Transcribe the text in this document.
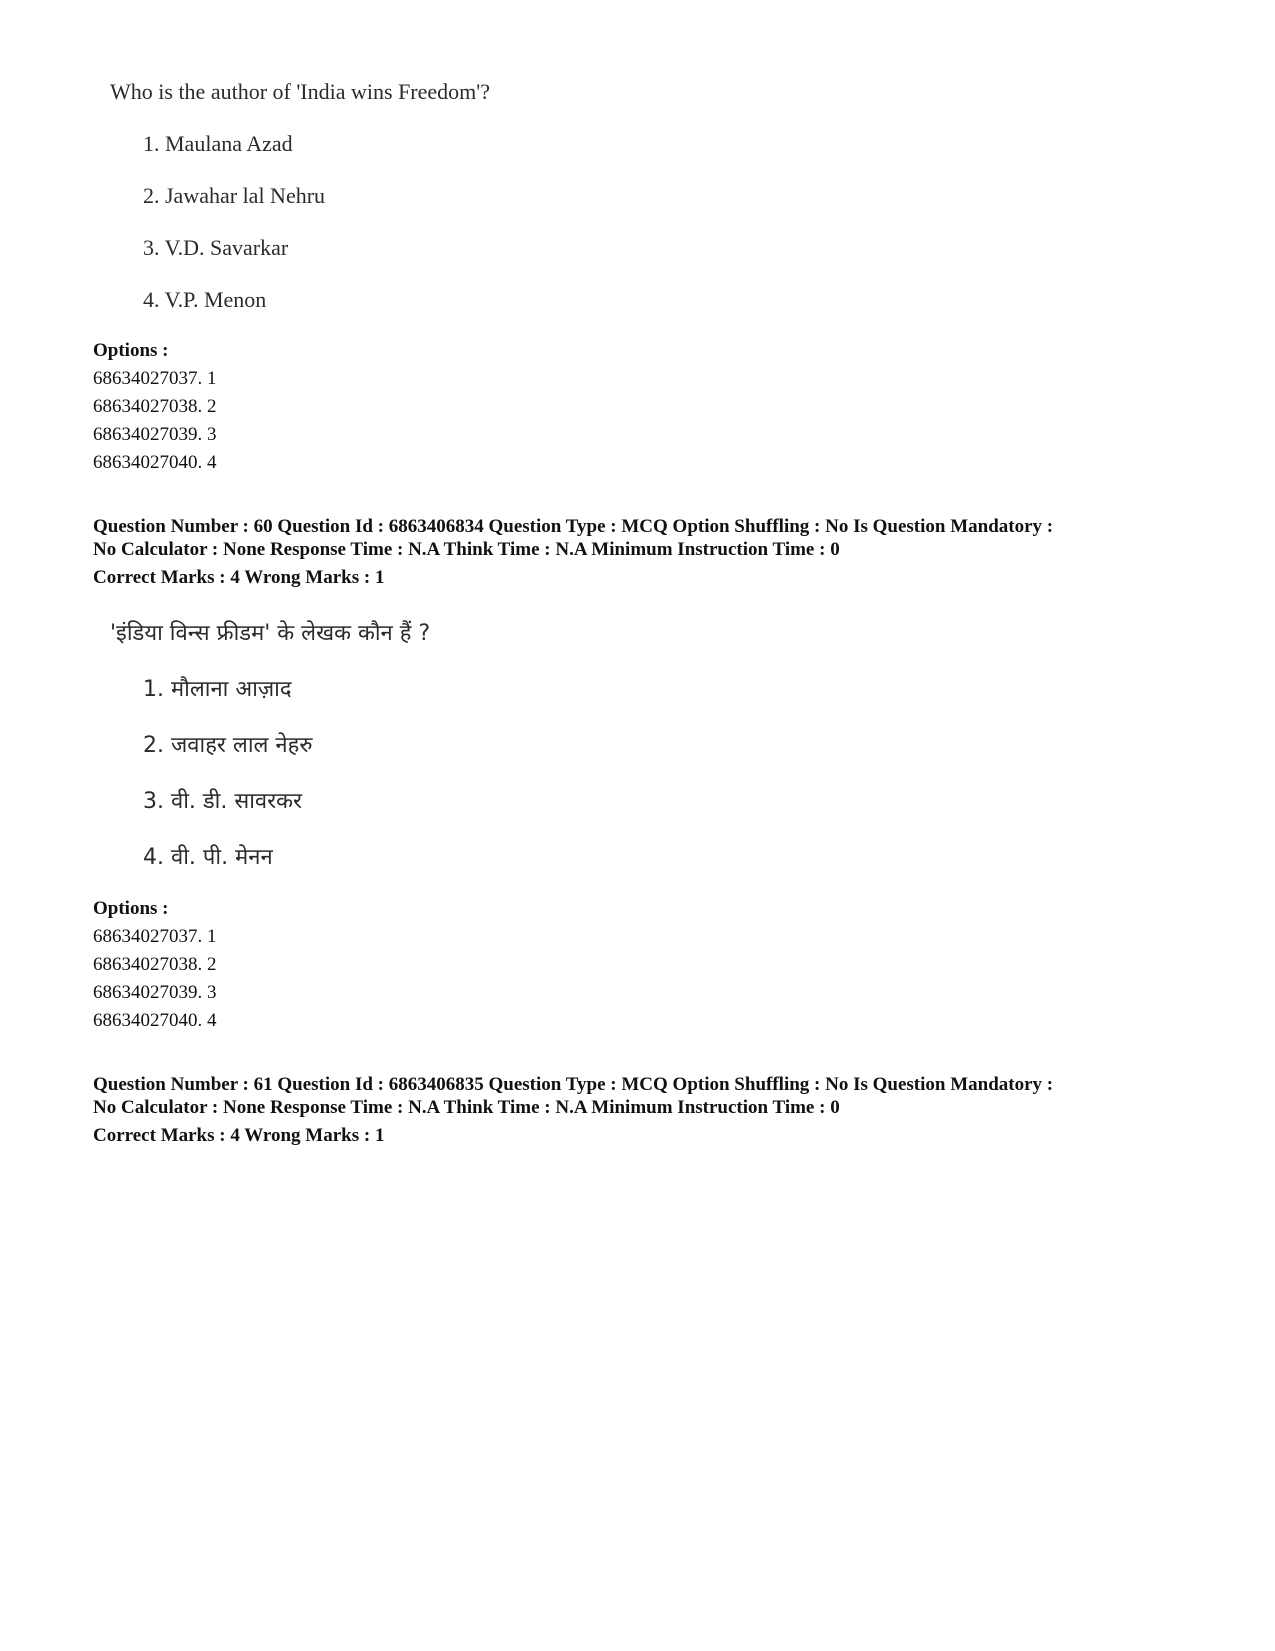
Who is the author of 'India wins Freedom'?

1. Maulana Azad

2. Jawahar lal Nehru

3. V.D. Savarkar

4. V.P. Menon

Options :
68634027037. 1
68634027038. 2
68634027039. 3
68634027040. 4
Question Number : 60 Question Id : 6863406834 Question Type : MCQ Option Shuffling : No Is Question Mandatory :
No Calculator : None Response Time : N.A Think Time : N.A Minimum Instruction Time : 0
Correct Marks : 4 Wrong Marks : 1

'इंडिया विन्स फ्रीडम' के लेखक कौन हैं ?

1. मौलाना आज़ाद

2. जवाहर लाल नेहरु

3. वी. डी. सावरकर

4. वी. पी. मेनन

Options :
68634027037. 1
68634027038. 2
68634027039. 3
68634027040. 4
Question Number : 61 Question Id : 6863406835 Question Type : MCQ Option Shuffling : No Is Question Mandatory :
No Calculator : None Response Time : N.A Think Time : N.A Minimum Instruction Time : 0
Correct Marks : 4 Wrong Marks : 1
